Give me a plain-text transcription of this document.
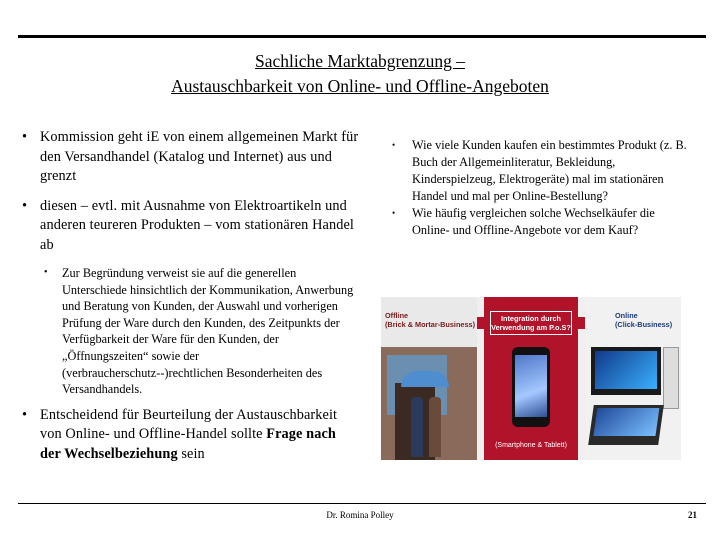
Sachliche Marktabgrenzung –
Austauschbarkeit von Online- und Offline-Angeboten
• Kommission geht iE von einem allgemeinen Markt für den Versandhandel (Katalog und Internet) aus und grenzt
• diesen – evtl. mit Ausnahme von Elektroartikeln und anderen teureren Produkten – vom stationären Handel ab
• Zur Begründung verweist sie auf die generellen Unterschiede hinsichtlich der Kommunikation, Anwerbung und Beratung von Kunden, der Auswahl und vorherigen Prüfung der Ware durch den Kunden, des Zeitpunkts der Verfügbarkeit der Ware für den Kunden, der „Öffnungszeiten“ sowie der (verbraucherschutz-‐)rechtlichen Besonderheiten des Versandhandels.
• Entscheidend für Beurteilung der Austauschbarkeit von Online- und Offline-Handel sollte Frage nach der Wechselbeziehung sein
• Wie viele Kunden kaufen ein bestimmtes Produkt (z. B. Buch der Allgemeinliteratur, Bekleidung, Kinderspielzeug, Elektrogeräte) mal im stationären Handel und mal per Online-Bestellung?
• Wie häufig vergleichen solche Wechselkäufer die Online- und Offline-Angebote vor dem Kauf?
Offline
(Brick & Mortar-Business)
Integration durch
Verwendung am P.o.S?
(Smartphone & Tablett)
Online
(Click-Business)
Dr. Romina Polley	21
